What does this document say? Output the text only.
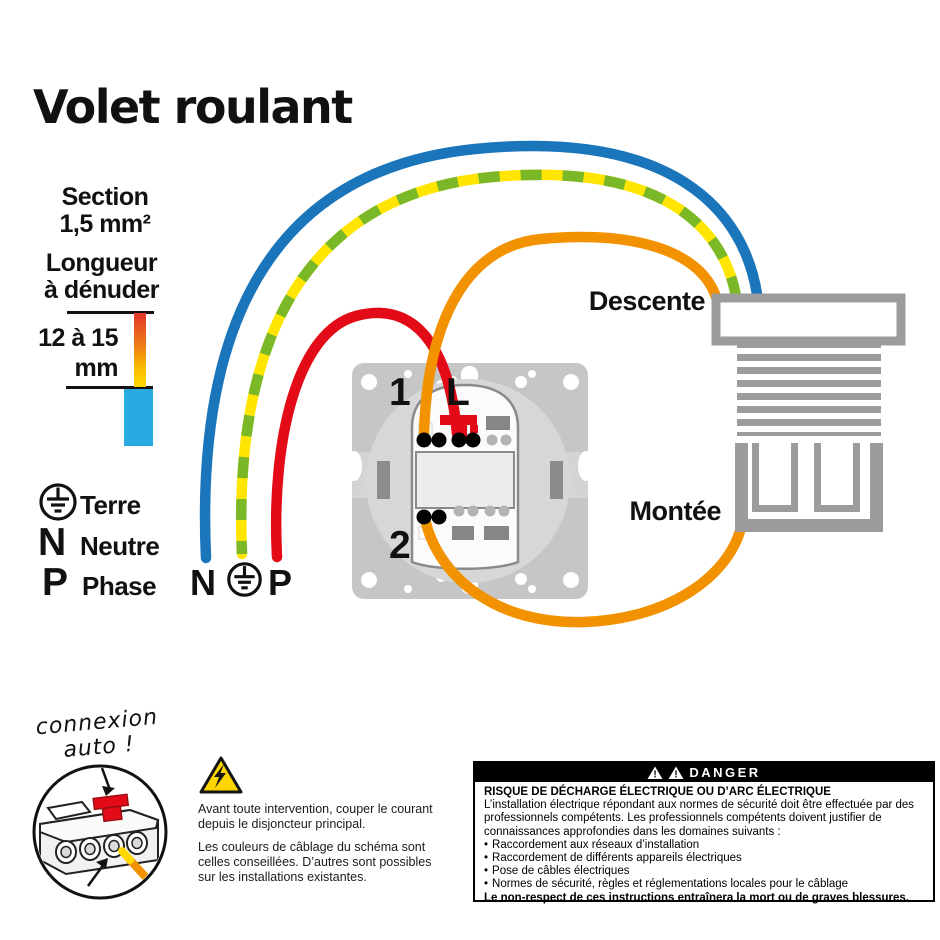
Volet roulant
Section
1,5 mm²
Longueur
à dénuder
12 à 15
mm
Terre
N Neutre
P Phase N P
1 L
2
Descente
Montée
connexion
auto !
Avant toute intervention, couper le courant depuis le disjoncteur principal.
Les couleurs de câblage du schéma sont celles conseillées. D’autres sont possibles sur les installations existantes.
! ! DANGER
RISQUE DE DÉCHARGE ÉLECTRIQUE OU D’ARC ÉLECTRIQUE
L’installation électrique répondant aux normes de sécurité doit être effectuée par des professionnels compétents. Les professionnels compétents doivent justifier de connaissances approfondies dans les domaines suivants :
• Raccordement aux réseaux d’installation
• Raccordement de différents appareils électriques
• Pose de câbles électriques
• Normes de sécurité, règles et réglementations locales pour le câblage
Le non-respect de ces instructions entraînera la mort ou de graves blessures.
